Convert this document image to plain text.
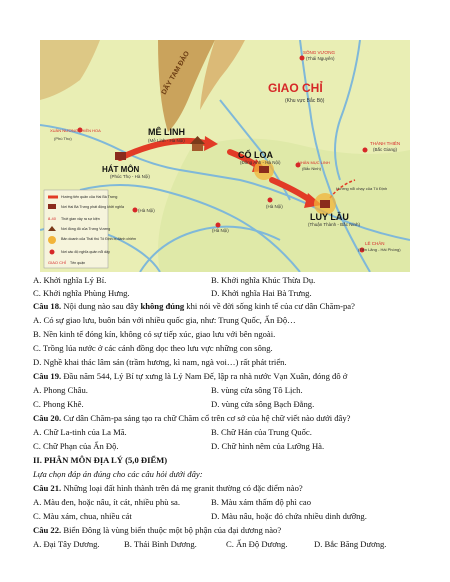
GIAO CHỈ
(Khu vực Bắc Bộ)
DÃY TAM ĐẢO
MÊ LINH
(Mê Linh - Hà Nội)
CỔ LOA
(Đông Anh - Hà Nội)
HÁT MÔN
(Phúc Thọ - Hà Nội)
LUY LÂU
(Thuận Thành - Bắc Ninh)
SÔNG VƯƠNG
(Thái Nguyên)
NHÂN MỤC LINH
(Bắc Ninh)
THÀNH THIÊN
(Bắc Giang)
XUÂN NƯƠNG THIÊN HOA
(Phú Thọ)
LÊ CHÂN
(Tiên Lãng - Hải Phòng)
Hướng nổi chạy của Tô Định
(Hà Nội)
(Hà Nội)
(Hà Nội)
Hướng tiến quân của Hai Bà Trưng
Nơi Hai Bà Trưng phát động khởi nghĩa
8-40 Thời gian xảy ra sự kiện
Nơi đóng đô của Trưng Vương
Bản doanh của Thái thú Tô Định bị đánh chiếm
Nơi các độ nghĩa quân nổi dậy
GIAO CHỈ Tên quận
A. Khởi nghĩa Lý Bí.	B. Khởi nghĩa Khúc Thừa Dụ.
C. Khởi nghĩa Phùng Hưng.	D. Khởi nghĩa Hai Bà Trưng.
Câu 18. Nội dung nào sau đây không đúng khi nói về đời sống kinh tế của cư dân Chăm-pa?
A. Có sự giao lưu, buôn bán với nhiều quốc gia, như: Trung Quốc, Ấn Độ…
B. Nền kinh tế đóng kín, không có sự tiếp xúc, giao lưu với bên ngoài.
C. Trồng lúa nước ở các cánh đồng dọc theo lưu vực những con sông.
D. Nghề khai thác lâm sản (trầm hương, kì nam, ngà voi…) rất phát triển.
Câu 19. Đầu năm 544, Lý Bí tự xưng là Lý Nam Đế, lập ra nhà nước Vạn Xuân, đóng đô ở
A. Phong Châu.	B. vùng cửa sông Tô Lịch.
C. Phong Khê.	D. vùng cửa sông Bạch Đằng.
Câu 20. Cư dân Chăm-pa sáng tạo ra chữ Chăm cổ trên cơ sở của hệ chữ viết nào dưới đây?
A. Chữ La-tinh của La Mã.	B. Chữ Hán của Trung Quốc.
C. Chữ Phạn của Ấn Độ.	D. Chữ hình nêm của Lưỡng Hà.
II. PHÂN MÔN ĐỊA LÝ (5,0 ĐIỂM)
Lựa chọn đáp án đúng cho các câu hỏi dưới đây:
Câu 21. Những loại đất hình thành trên đá mẹ granit thường có đặc điểm nào?
A. Màu đen, hoặc nâu, ít cát, nhiều phù sa.	B. Màu xám thấm độ phì cao
C. Màu xám, chua, nhiều cát	D. Màu nâu, hoặc đỏ chứa nhiều dinh dưỡng.
Câu 22. Biển Đông là vùng biển thuộc một bộ phận của đại dương nào?
A. Đại Tây Dương.	B. Thái Bình Dương.	C. Ấn Độ Dương.	D. Bắc Băng Dương.
